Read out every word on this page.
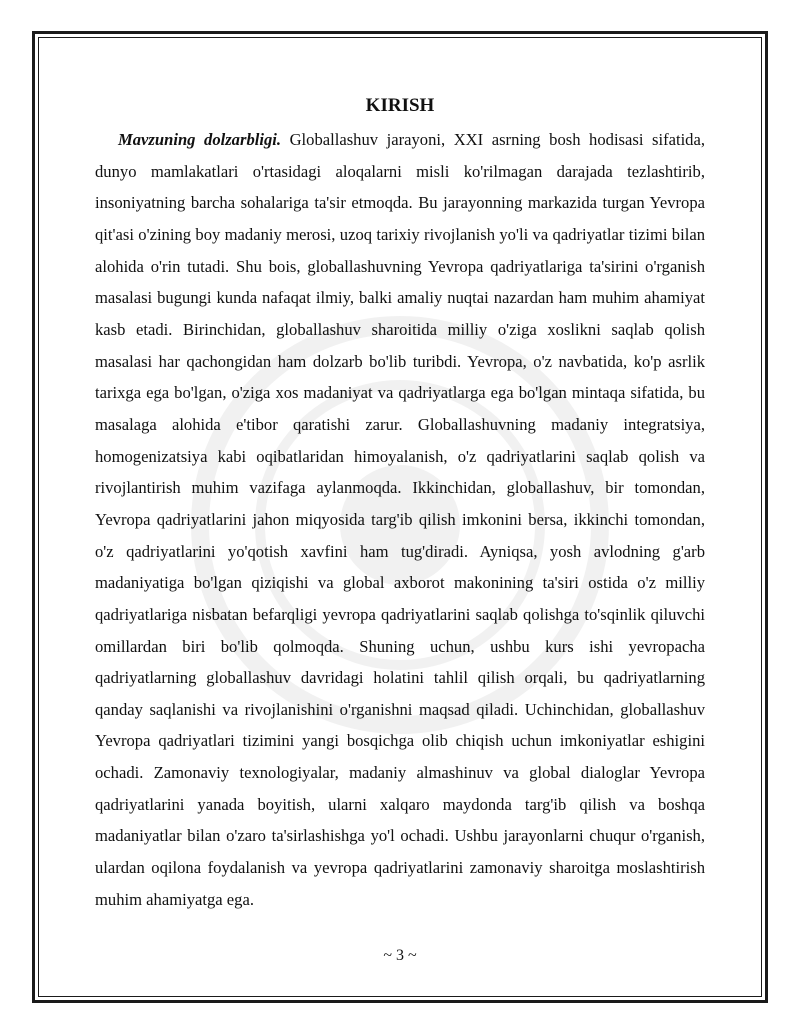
KIRISH

Mavzuning dolzarbligi. Globallashuv jarayoni, XXI asrning bosh hodisasi sifatida, dunyo mamlakatlari o'rtasidagi aloqalarni misli ko'rilmagan darajada tezlashtirib, insoniyatning barcha sohalariga ta'sir etmoqda. Bu jarayonning markazida turgan Yevropa qit'asi o'zining boy madaniy merosi, uzoq tarixiy rivojlanish yo'li va qadriyatlar tizimi bilan alohida o'rin tutadi. Shu bois, globallashuvning Yevropa qadriyatlariga ta'sirini o'rganish masalasi bugungi kunda nafaqat ilmiy, balki amaliy nuqtai nazardan ham muhim ahamiyat kasb etadi. Birinchidan, globallashuv sharoitida milliy o'ziga xoslikni saqlab qolish masalasi har qachongidan ham dolzarb bo'lib turibdi. Yevropa, o'z navbatida, ko'p asrlik tarixga ega bo'lgan, o'ziga xos madaniyat va qadriyatlarga ega bo'lgan mintaqa sifatida, bu masalaga alohida e'tibor qaratishi zarur. Globallashuvning madaniy integratsiya, homogenizatsiya kabi oqibatlaridan himoyalanish, o'z qadriyatlarini saqlab qolish va rivojlantirish muhim vazifaga aylanmoqda. Ikkinchidan, globallashuv, bir tomondan, Yevropa qadriyatlarini jahon miqyosida targ'ib qilish imkonini bersa, ikkinchi tomondan, o'z qadriyatlarini yo'qotish xavfini ham tug'diradi. Ayniqsa, yosh avlodning g'arb madaniyatiga bo'lgan qiziqishi va global axborot makonining ta'siri ostida o'z milliy qadriyatlariga nisbatan befarqligi yevropa qadriyatlarini saqlab qolishga to'sqinlik qiluvchi omillardan biri bo'lib qolmoqda. Shuning uchun, ushbu kurs ishi yevropacha qadriyatlarning globallashuv davridagi holatini tahlil qilish orqali, bu qadriyatlarning qanday saqlanishi va rivojlanishini o'rganishni maqsad qiladi. Uchinchidan, globallashuv Yevropa qadriyatlari tizimini yangi bosqichga olib chiqish uchun imkoniyatlar eshigini ochadi. Zamonaviy texnologiyalar, madaniy almashinuv va global dialoglar Yevropa qadriyatlarini yanada boyitish, ularni xalqaro maydonda targ'ib qilish va boshqa madaniyatlar bilan o'zaro ta'sirlashishga yo'l ochadi. Ushbu jarayonlarni chuqur o'rganish, ulardan oqilona foydalanish va yevropa qadriyatlarini zamonaviy sharoitga moslashtirish muhim ahamiyatga ega.

~ 3 ~
